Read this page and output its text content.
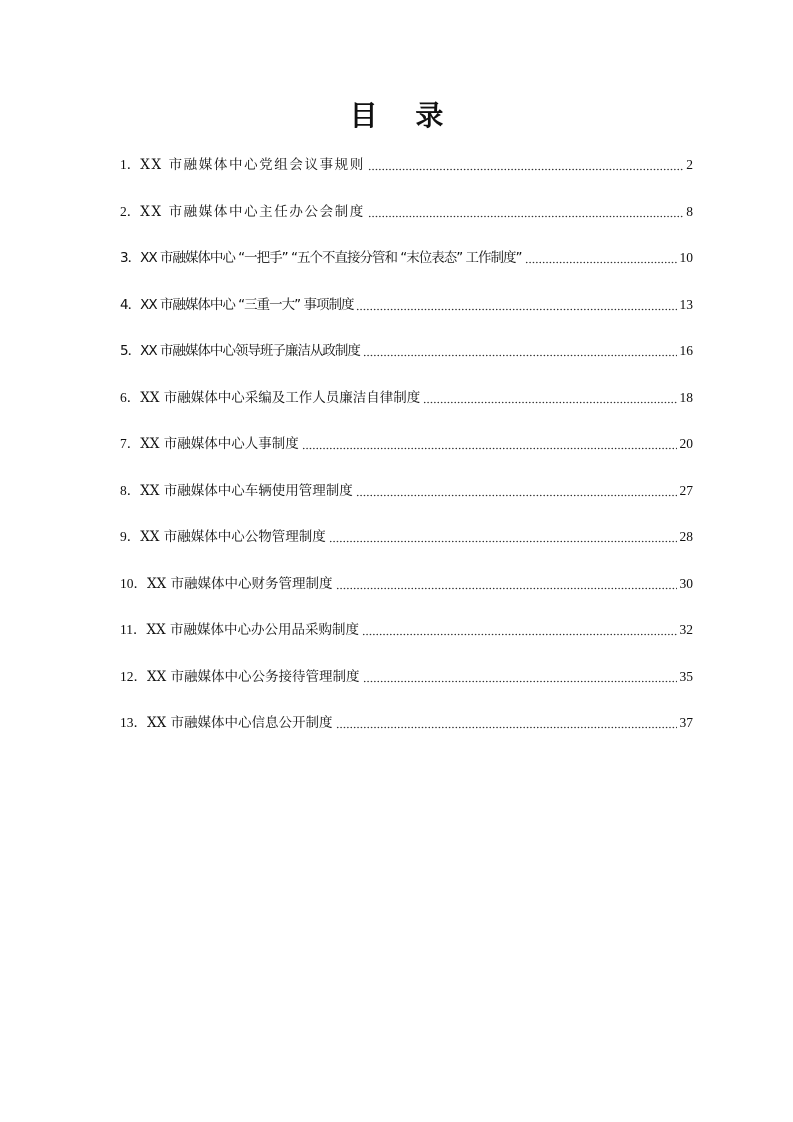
目 录
1． XX 市融媒体中心党组会议事规则	2
2． XX 市融媒体中心主任办公会制度	8
3． XX 市融媒体中心 “一把手” “五个不直接分管和 “末位表态” 工作制度”	10
4． XX 市融媒体中心 “三重一大” 事项制度	13
5． XX 市融媒体中心领导班子廉洁从政制度	16
6． XX 市融媒体中心采编及工作人员廉洁自律制度	18
7． XX 市融媒体中心人事制度	20
8． XX 市融媒体中心车辆使用管理制度	27
9． XX 市融媒体中心公物管理制度	28
10． XX 市融媒体中心财务管理制度	30
11． XX 市融媒体中心办公用品采购制度	32
12． XX 市融媒体中心公务接待管理制度	35
13． XX 市融媒体中心信息公开制度	37
